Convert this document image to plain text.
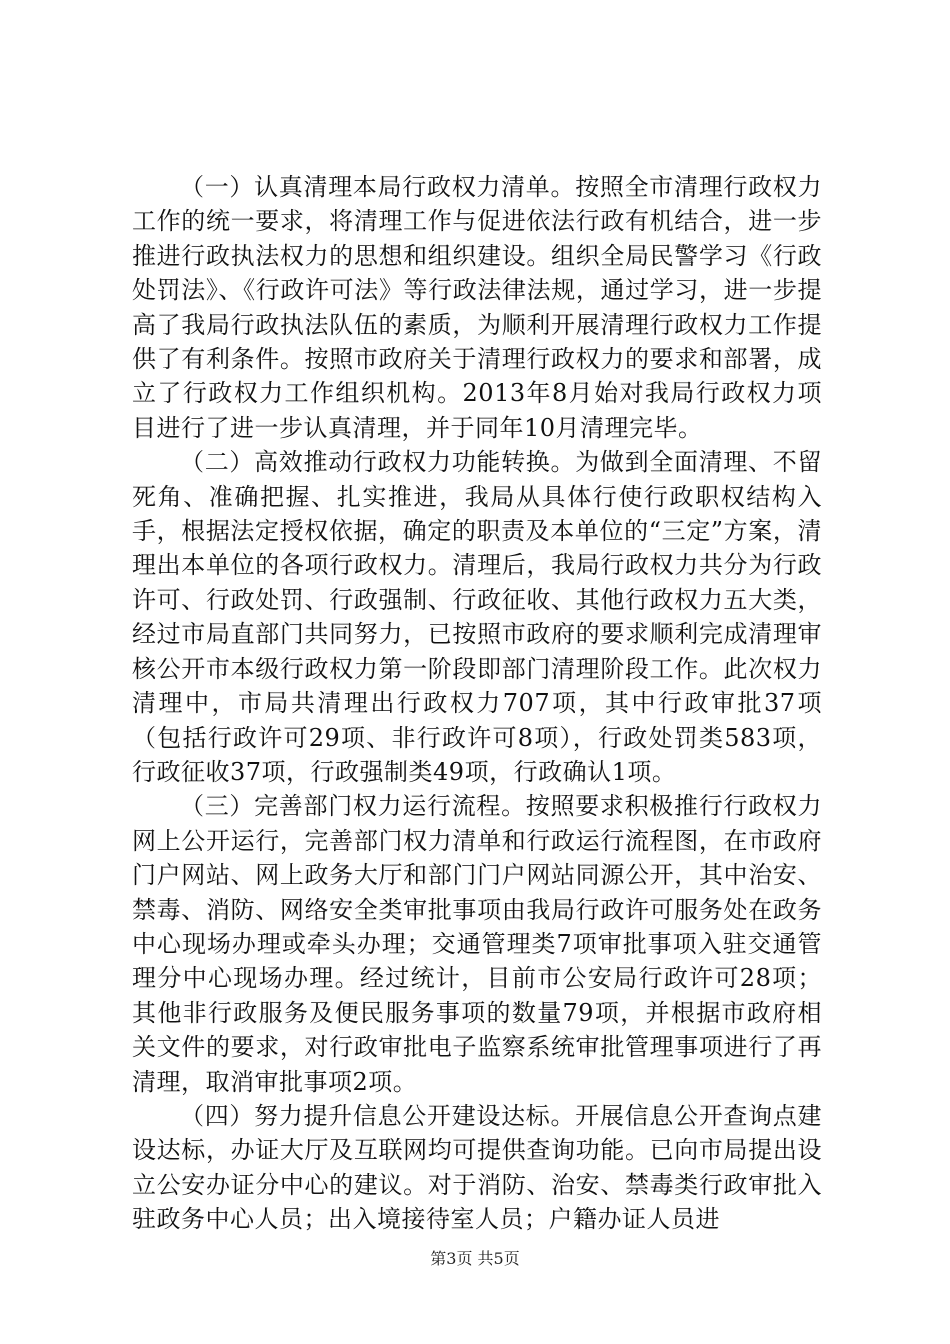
（一）认真清理本局行政权力清单。按照全市清理行政权力工作的统一要求，将清理工作与促进依法行政有机结合，进一步推进行政执法权力的思想和组织建设。组织全局民警学习《行政处罚法》、《行政许可法》等行政法律法规，通过学习，进一步提高了我局行政执法队伍的素质，为顺利开展清理行政权力工作提供了有利条件。按照市政府关于清理行政权力的要求和部署，成立了行政权力工作组织机构。2013年8月始对我局行政权力项目进行了进一步认真清理，并于同年10月清理完毕。

（二）高效推动行政权力功能转换。为做到全面清理、不留死角、准确把握、扎实推进，我局从具体行使行政职权结构入手，根据法定授权依据，确定的职责及本单位的“三定”方案，清理出本单位的各项行政权力。清理后，我局行政权力共分为行政许可、行政处罚、行政强制、行政征收、其他行政权力五大类，经过市局直部门共同努力，已按照市政府的要求顺利完成清理审核公开市本级行政权力第一阶段即部门清理阶段工作。此次权力清理中，市局共清理出行政权力707项，其中行政审批37项（包括行政许可29项、非行政许可8项），行政处罚类583项，行政征收37项，行政强制类49项，行政确认1项。

（三）完善部门权力运行流程。按照要求积极推行行政权力网上公开运行，完善部门权力清单和行政运行流程图，在市政府门户网站、网上政务大厅和部门门户网站同源公开，其中治安、禁毒、消防、网络安全类审批事项由我局行政许可服务处在政务中心现场办理或牵头办理；交通管理类7项审批事项入驻交通管理分中心现场办理。经过统计，目前市公安局行政许可28项；其他非行政服务及便民服务事项的数量79项，并根据市政府相关文件的要求，对行政审批电子监察系统审批管理事项进行了再清理，取消审批事项2项。

（四）努力提升信息公开建设达标。开展信息公开查询点建设达标，办证大厅及互联网均可提供查询功能。已向市局提出设立公安办证分中心的建议。对于消防、治安、禁毒类行政审批入驻政务中心人员；出入境接待室人员；户籍办证人员进

第3页 共5页
